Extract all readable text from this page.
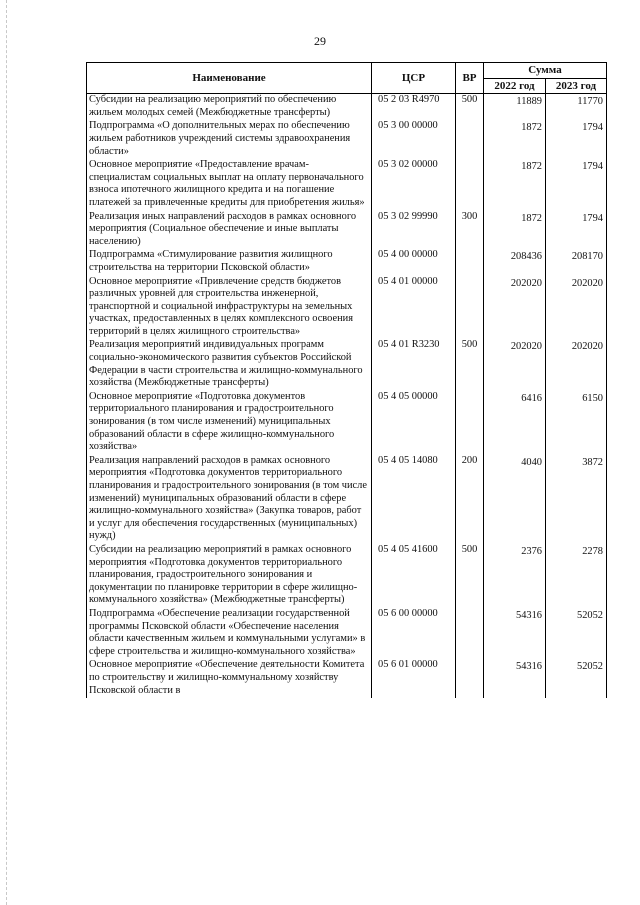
29
Наименование	ЦСР	ВР	Сумма	
			2022 год	2023 год
Субсидии на реализацию мероприятий по обеспечению жильем молодых семей (Межбюджетные трансферты)	05 2 03 R4970	500	11889	11770
Подпрограмма «О дополнительных мерах по обеспечению жильем работников учреждений системы здравоохранения области»	05 3 00 00000		1872	1794
Основное мероприятие «Предоставление врачам-специалистам социальных выплат на оплату первоначального взноса ипотечного жилищного кредита и на погашение платежей за привлеченные кредиты для приобретения жилья»	05 3 02 00000		1872	1794
Реализация иных направлений расходов в рамках основного мероприятия (Социальное обеспечение и иные выплаты населению)	05 3 02 99990	300	1872	1794
Подпрограмма «Стимулирование развития жилищного строительства на территории Псковской области»	05 4 00 00000		208436	208170
Основное мероприятие «Привлечение средств бюджетов различных уровней для строительства инженерной, транспортной и социальной инфраструктуры на земельных участках, предоставленных в целях комплексного освоения территорий в целях жилищного строительства»	05 4 01 00000		202020	202020
Реализация мероприятий индивидуальных программ социально-экономического развития субъектов Российской Федерации в части строительства и жилищно-коммунального хозяйства (Межбюджетные трансферты)	05 4 01 R3230	500	202020	202020
Основное мероприятие «Подготовка документов территориального планирования и градостроительного зонирования (в том числе изменений) муниципальных образований области в сфере жилищно-коммунального хозяйства»	05 4 05 00000		6416	6150
Реализация направлений расходов в рамках основного мероприятия «Подготовка документов территориального планирования и градостроительного зонирования (в том числе изменений) муниципальных образований области в сфере жилищно-коммунального хозяйства» (Закупка товаров, работ и услуг для обеспечения государственных (муниципальных) нужд)	05 4 05 14080	200	4040	3872
Субсидии на реализацию мероприятий в рамках основного мероприятия «Подготовка документов территориального планирования, градостроительного зонирования и документации по планировке территории в сфере жилищно-коммунального хозяйства» (Межбюджетные трансферты)	05 4 05 41600	500	2376	2278
Подпрограмма «Обеспечение реализации государственной программы Псковской области «Обеспечение населения области качественным жильем и коммунальными услугами» в сфере строительства и жилищно-коммунального хозяйства»	05 6 00 00000		54316	52052
Основное мероприятие «Обеспечение деятельности Комитета по строительству и жилищно-коммунальному хозяйству Псковской области в	05 6 01 00000		54316	52052
